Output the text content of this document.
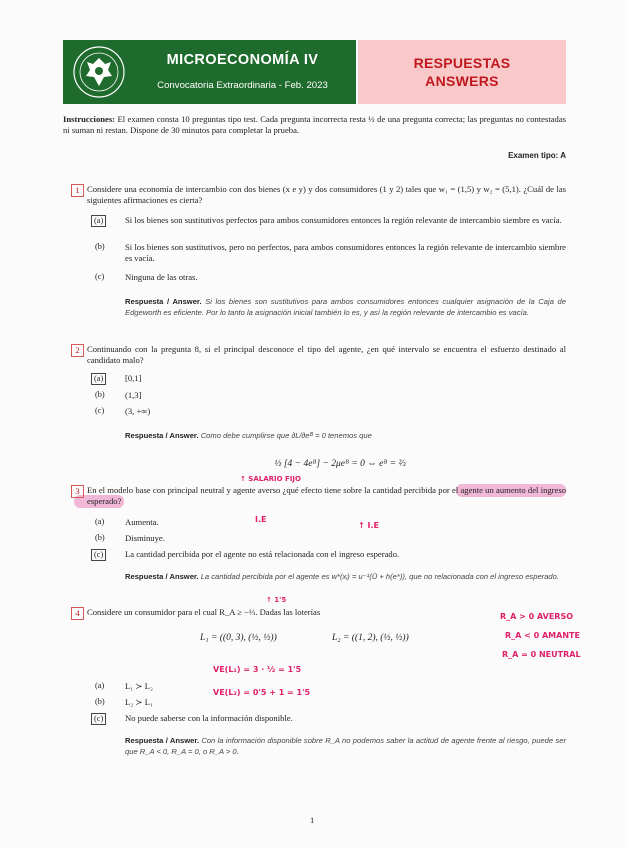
MICROECONOMÍA IV
Convocatoria Extraordinaria - Feb. 2023
RESPUESTAS
ANSWERS
Instrucciones: El examen consta 10 preguntas tipo test. Cada pregunta incorrecta resta ½ de una pregunta correcta; las preguntas no contestadas ni suman ni restan. Dispone de 30 minutos para completar la prueba.
Examen tipo: A
1 Considere una economía de intercambio con dos bienes (x e y) y dos consumidores (1 y 2) tales que w₁ = (1,5) y w₂ = (5,1). ¿Cuál de las siguientes afirmaciones es cierta?
(a)	Si los bienes son sustitutivos perfectos para ambos consumidores entonces la región relevante de intercambio siembre es vacía.
(b) Si los bienes son sustitutivos, pero no perfectos, para ambos consumidores entonces la región relevante de intercambio siembre es vacía.
(c) Ninguna de las otras.
Respuesta / Answer. Si los bienes son sustitutivos para ambos consumidores entonces cualquier asignación de la Caja de Edgeworth es eficiente. Por lo tanto la asignación inicial también lo es, y así la región relevante de intercambio es vacía.
2 Continuando con la pregunta 8, si el principal desconoce el tipo del agente, ¿en qué intervalo se encuentra el esfuerzo destinado al candidato malo?
(a)	[0,1]
(b) (1,3]
(c) (3, +∞)
Respuesta / Answer. Como debe cumplirse que ∂L/∂eᴮ = 0 tenemos que
½ [4 − 4eᴮ] − 2μeᴮ = 0 ⇔ eᴮ = ⅔
↑ SALARIO FIJO
3 En el modelo base con principal neutral y agente averso ¿qué efecto tiene sobre la cantidad percibida por el agente un aumento del ingreso esperado?
I.E
↑ I.E
(a) Aumenta.
(b) Disminuye.
(c)	La cantidad percibida por el agente no está relacionada con el ingreso esperado.
Respuesta / Answer. La cantidad percibida por el agente es w*(xᵢ) = u⁻¹(Ū + h(e*)), que no relacionada con el ingreso esperado.
↑ 1'5
4 Considere un consumidor para el cual R_A ≥ −⅓. Dadas las loterías
L₁ = ((0, 3), (½, ½))	L₂ = ((1, 2), (½, ½))
R_A > 0 AVERSO
R_A < 0 AMANTE
R_A = 0 NEUTRAL
VE(L₁) = 3 · ½ = 1'5
VE(L₂) = 0'5 + 1 = 1'5
(a) L₁ ≻ L₂
(b) L₂ ≻ L₁
(c)	No puede saberse con la información disponible.
Respuesta / Answer. Con la información disponible sobre R_A no podemos saber la actitud de agente frente al riesgo, puede ser que R_A < 0, R_A = 0, o R_A > 0.
1
